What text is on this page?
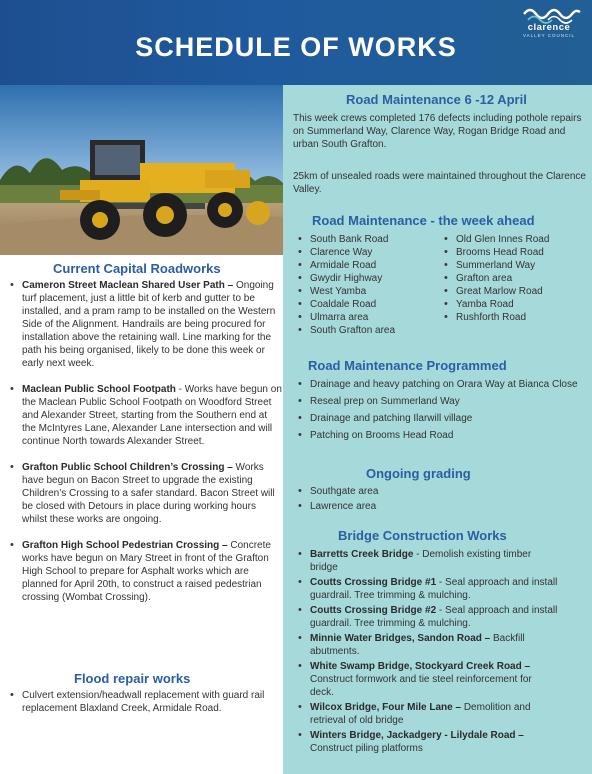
SCHEDULE OF WORKS
clarence
VALLEY COUNCIL
Current Capital Roadworks
• Cameron Street Maclean Shared User Path – Ongoing turf placement, just a little bit of kerb and gutter to be installed, and a pram ramp to be installed on the Western Side of the Alignment. Handrails are being procured for installation above the retaining wall. Line marking for the path his being organised, likely to be done this week or early next week.
• Maclean Public School Footpath - Works have begun on the Maclean Public School Footpath on Woodford Street and Alexander Street, starting from the Southern end at the McIntyres Lane, Alexander Lane intersection and will continue North towards Alexander Street.
• Grafton Public School Children’s Crossing – Works have begun on Bacon Street to upgrade the existing Children’s Crossing to a safer standard. Bacon Street will be closed with Detours in place during working hours whilst these works are ongoing.
• Grafton High School Pedestrian Crossing – Concrete works have begun on Mary Street in front of the Grafton High School to prepare for Asphalt works which are planned for April 20th, to construct a raised pedestrian crossing (Wombat Crossing).
Flood repair works
• Culvert extension/headwall replacement with guard rail replacement Blaxland Creek, Armidale Road.
Road Maintenance 6 -12 April
This week crews completed 176 defects including pothole repairs on Summerland Way, Clarence Way, Rogan Bridge Road and urban South Grafton.
25km of unsealed roads were maintained throughout the Clarence Valley.
Road Maintenance - the week ahead
• South Bank Road
• Clarence Way
• Armidale Road
• Gwydir Highway
• West Yamba
• Coaldale Road
• Ulmarra area
• South Grafton area
• Old Glen Innes Road
• Brooms Head Road
• Summerland Way
• Grafton area
• Great Marlow Road
• Yamba Road
• Rushforth Road
Road Maintenance Programmed
• Drainage and heavy patching on Orara Way at Bianca Close
• Reseal prep on Summerland Way
• Drainage and patching Ilarwill village
• Patching on Brooms Head Road
Ongoing grading
• Southgate area
• Lawrence area
Bridge Construction Works
• Barretts Creek Bridge - Demolish existing timber bridge
• Coutts Crossing Bridge #1 - Seal approach and install guardrail. Tree trimming & mulching.
• Coutts Crossing Bridge #2 - Seal approach and install guardrail. Tree trimming & mulching.
• Minnie Water Bridges, Sandon Road – Backfill abutments.
• White Swamp Bridge, Stockyard Creek Road – Construct formwork and tie steel reinforcement for deck.
• Wilcox Bridge, Four Mile Lane – Demolition and retrieval of old bridge
• Winters Bridge, Jackadgery - Lilydale Road – Construct piling platforms
